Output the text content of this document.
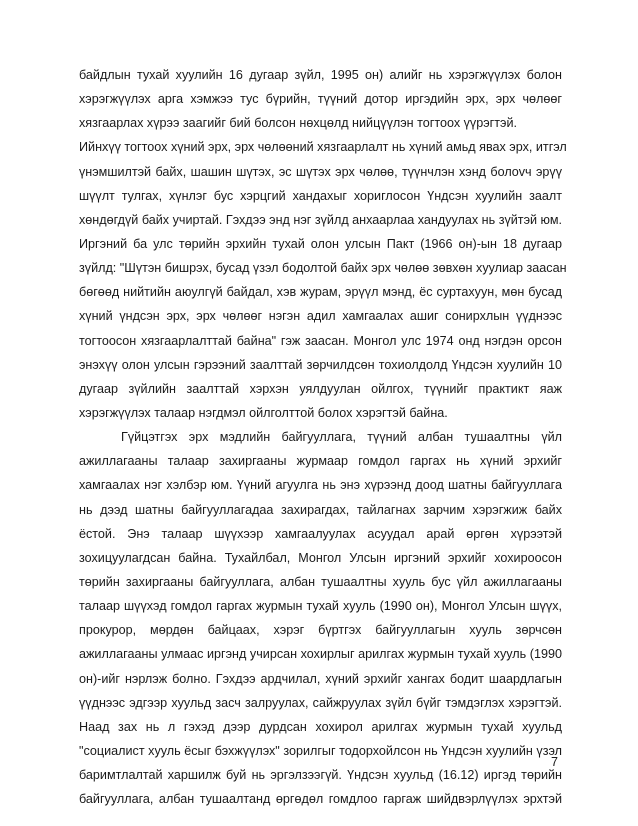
байдлын тухай хуулийн 16 дугаар зүйл, 1995 он) алийг нь хэрэгжүүлэх болон
хэрэгжүүлэх арга хэмжээ тус бүрийн, түүний дотор иргэдийн эрх, эрх чөлөөг
хязгаарлах хүрээ заагийг бий болсон нөхцөлд нийцүүлэн тогтоох үүрэгтэй.
Ийнхүү тогтоох хүний эрх, эрх чөлөөний хязгаарлалт нь хүний амьд явах эрх, итгэл
үнэмшилтэй байх, шашин шүтэх, эс шүтэх эрх чөлөө, түүнчлэн хэнд болovч эрүү
шүүлт тулгах, хүнлэг бус хэрцгий хандахыг хориглосон Үндсэн хуулийн заалт
хөндөгдүй байх учиртай. Гэхдээ энд нэг зүйлд анхаарлаа хандуулах нь зүйтэй юм.
Иргэний ба улс төрийн эрхийн тухай олон улсын Пакт (1966 он)-ын 18 дугаар
зүйлд: "Шүтэн бишрэх, бусад үзэл бодолтой байх эрх чөлөө зөвхөн хуулиар заасан
бөгөөд нийтийн аюулгүй байдал, хэв журам, эрүүл мэнд, ёс суртахуун, мөн бусад
хүний үндсэн эрх, эрх чөлөөг нэгэн адил хамгаалах ашиг сонирхлын үүднээс
тогтоосон хязгаарлалттай байна" гэж заасан. Монгол улс 1974 онд нэгдэн орсон
энэхүү олон улсын гэрээний заалттай зөрчилдсөн тохиолдолд Үндсэн хуулийн 10
дугаар зүйлийн заалттай хэрхэн уялдуулан ойлгох, түүнийг практикт яаж
хэрэгжүүлэх талаар нэгдмэл ойлголттой болох хэрэгтэй байна.
Гүйцэтгэх эрх мэдлийн байгууллага, түүний албан тушаалтны үйл
ажиллагааны талаар захиргааны журмаар гомдол гаргах нь хүний эрхийг
хамгаалах нэг хэлбэр юм. Үүний агуулга нь энэ хүрээнд доод шатны байгууллага
нь дээд шатны байгууллагадаа захирагдах, тайлагнах зарчим хэрэгжиж байх
ёстой. Энэ талаар шүүхээр хамгаалуулах асуудал арай өргөн хүрээтэй
зохицуулагдсан байна. Тухайлбал, Монгол Улсын иргэний эрхийг хохироосон
төрийн захиргааны байгууллага, албан тушаалтны хууль бус үйл ажиллагааны
талаар шүүхэд гомдол гаргах журмын тухай хууль (1990 он), Монгол Улсын шүүх,
прокурор, мөрдөн байцаах, хэрэг бүртгэх байгууллагын хууль зөрчсөн
ажиллагааны улмаас иргэнд учирсан хохирлыг арилгах журмын тухай хууль (1990
он)-ийг нэрлэж болно. Гэхдээ ардчилал, хүний эрхийг хангах бодит шаардлагын
үүднээс эдгээр хуульд засч залруулах, сайжруулах зүйл бүйг тэмдэглэх хэрэгтэй.
Наад зах нь л гэхэд дээр дурдсан хохирол арилгах журмын тухай хуульд
"социалист хууль ёсыг бэхжүүлэх" зорилгыг тодорхойлсон нь Үндсэн хуулийн үзэл
баримтлалтай харшилж буй нь эргэлзээгүй. Үндсэн хуульд (16.12) иргэд төрийн
байгууллага, албан тушаалтанд өргөдөл гомдлоо гаргаж шийдвэрлүүлэх эрхтэй
7
